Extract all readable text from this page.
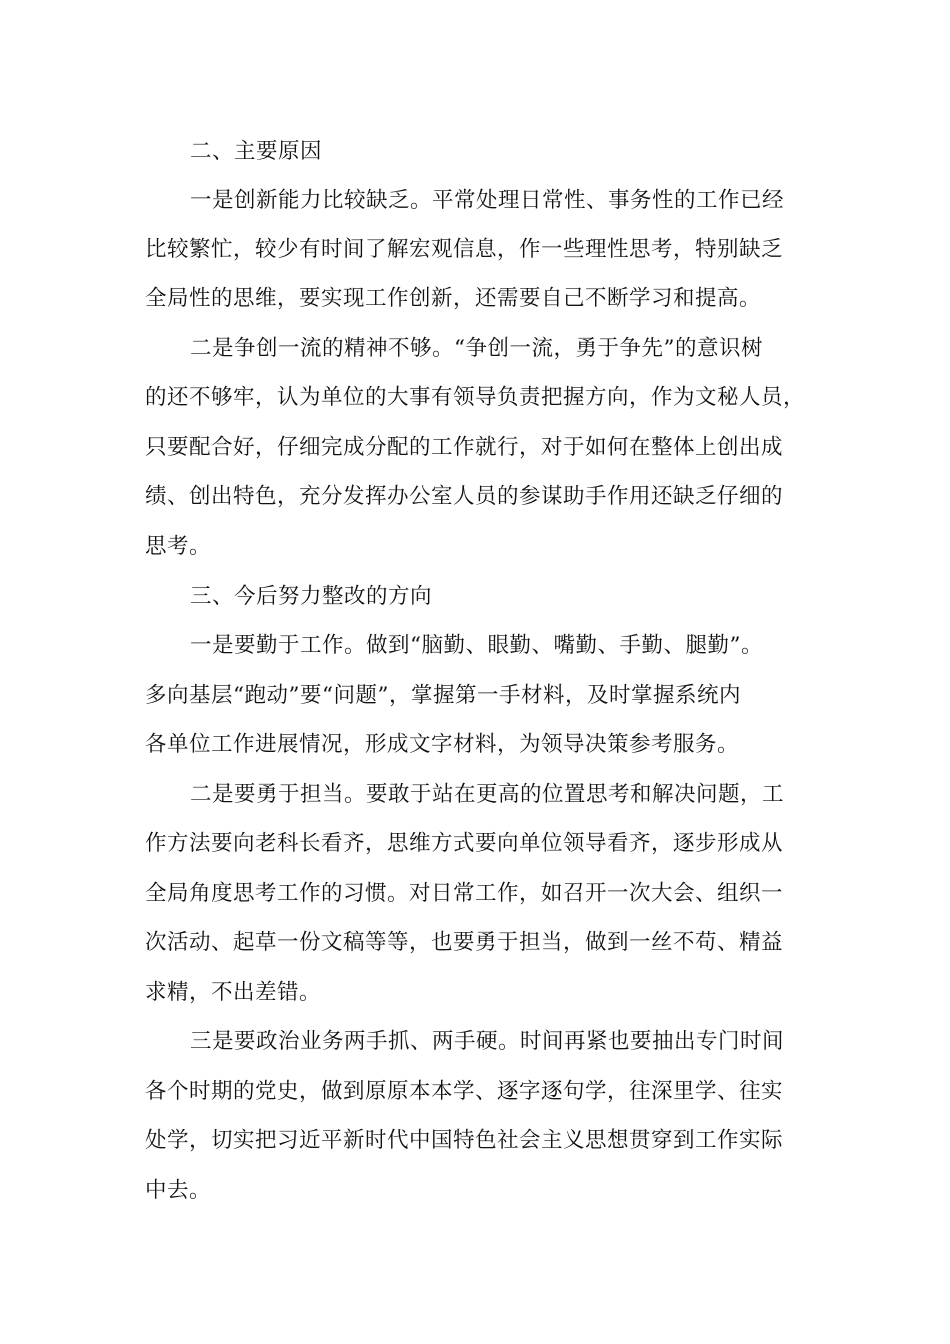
二、主要原因
一是创新能力比较缺乏。平常处理日常性、事务性的工作已经
比较繁忙，较少有时间了解宏观信息，作一些理性思考，特别缺乏
全局性的思维，要实现工作创新，还需要自己不断学习和提高。
二是争创一流的精神不够。“争创一流，勇于争先”的意识树
的还不够牢，认为单位的大事有领导负责把握方向，作为文秘人员，
只要配合好，仔细完成分配的工作就行，对于如何在整体上创出成
绩、创出特色，充分发挥办公室人员的参谋助手作用还缺乏仔细的
思考。
三、今后努力整改的方向
一是要勤于工作。做到“脑勤、眼勤、嘴勤、手勤、腿勤”。
多向基层“跑动”要“问题”，掌握第一手材料，及时掌握系统内
各单位工作进展情况，形成文字材料，为领导决策参考服务。
二是要勇于担当。要敢于站在更高的位置思考和解决问题，工
作方法要向老科长看齐，思维方式要向单位领导看齐，逐步形成从
全局角度思考工作的习惯。对日常工作，如召开一次大会、组织一
次活动、起草一份文稿等等，也要勇于担当，做到一丝不苟、精益
求精，不出差错。
三是要政治业务两手抓、两手硬。时间再紧也要抽出专门时间
各个时期的党史，做到原原本本学、逐字逐句学，往深里学、往实
处学，切实把习近平新时代中国特色社会主义思想贯穿到工作实际
中去。
